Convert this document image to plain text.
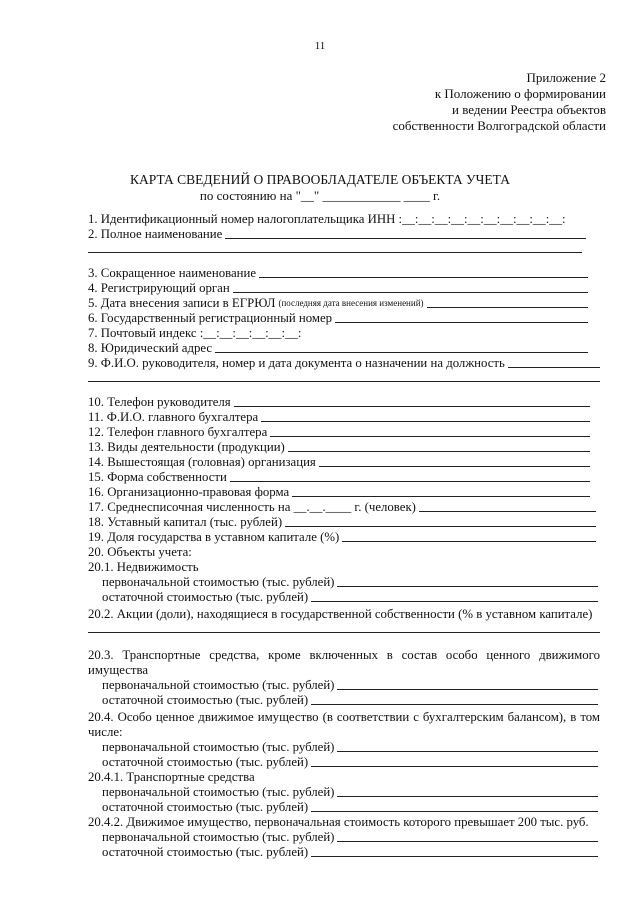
11
Приложение 2
к Положению о формировании
и ведении Реестра объектов
собственности Волгоградской области
КАРТА СВЕДЕНИЙ О ПРАВООБЛАДАТЕЛЕ ОБЪЕКТА УЧЕТА
по состоянию на "__" ____________ ____ г.
1. Идентификационный номер налогоплательщика ИНН :__:__:__:__:__:__:__:__:__:__:
2. Полное наименование
3. Сокращенное наименование
4. Регистрирующий орган
5. Дата внесения записи в ЕГРЮЛ (последняя дата внесения изменений)
6. Государственный регистрационный номер
7. Почтовый индекс :__:__:__:__:__:__:
8. Юридический адрес
9. Ф.И.О. руководителя, номер и дата документа о назначении на должность
10. Телефон руководителя
11. Ф.И.О. главного бухгалтера
12. Телефон главного бухгалтера
13. Виды деятельности (продукции)
14. Вышестоящая (головная) организация
15. Форма собственности
16. Организационно-правовая форма
17. Среднесписочная численность на __.__.____ г. (человек)
18. Уставный капитал (тыс. рублей)
19. Доля государства в уставном капитале (%)
20. Объекты учета:
20.1. Недвижимость
первоначальной стоимостью (тыс. рублей)
остаточной стоимостью (тыс. рублей)
20.2. Акции (доли), находящиеся в государственной собственности (% в уставном капитале)
20.3. Транспортные средства, кроме включенных в состав особо ценного движимого имущества
первоначальной стоимостью (тыс. рублей)
остаточной стоимостью (тыс. рублей)
20.4. Особо ценное движимое имущество (в соответствии с бухгалтерским балансом), в том числе:
первоначальной стоимостью (тыс. рублей)
остаточной стоимостью (тыс. рублей)
20.4.1. Транспортные средства
первоначальной стоимостью (тыс. рублей)
остаточной стоимостью (тыс. рублей)
20.4.2. Движимое имущество, первоначальная стоимость которого превышает 200 тыс. руб.
первоначальной стоимостью (тыс. рублей)
остаточной стоимостью (тыс. рублей)
